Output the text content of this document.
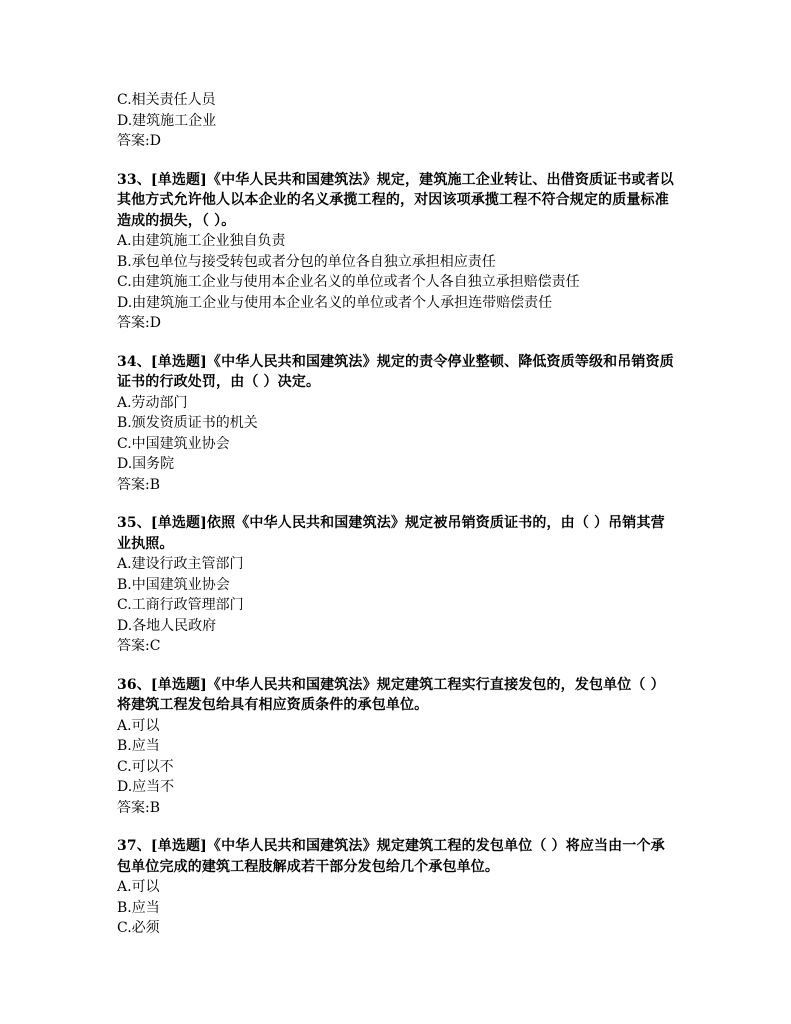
C.相关责任人员
D.建筑施工企业
答案:D
33、[单选题]《中华人民共和国建筑法》规定，建筑施工企业转让、出借资质证书或者以其他方式允许他人以本企业的名义承揽工程的，对因该项承揽工程不符合规定的质量标准造成的损失，（ ）。
A.由建筑施工企业独自负责
B.承包单位与接受转包或者分包的单位各自独立承担相应责任
C.由建筑施工企业与使用本企业名义的单位或者个人各自独立承担赔偿责任
D.由建筑施工企业与使用本企业名义的单位或者个人承担连带赔偿责任
答案:D
34、[单选题]《中华人民共和国建筑法》规定的责令停业整顿、降低资质等级和吊销资质证书的行政处罚，由（ ）决定。
A.劳动部门
B.颁发资质证书的机关
C.中国建筑业协会
D.国务院
答案:B
35、[单选题]依照《中华人民共和国建筑法》规定被吊销资质证书的，由（ ）吊销其营业执照。
A.建设行政主管部门
B.中国建筑业协会
C.工商行政管理部门
D.各地人民政府
答案:C
36、[单选题]《中华人民共和国建筑法》规定建筑工程实行直接发包的，发包单位（ ）将建筑工程发包给具有相应资质条件的承包单位。
A.可以
B.应当
C.可以不
D.应当不
答案:B
37、[单选题]《中华人民共和国建筑法》规定建筑工程的发包单位（ ）将应当由一个承包单位完成的建筑工程肢解成若干部分发包给几个承包单位。
A.可以
B.应当
C.必须
